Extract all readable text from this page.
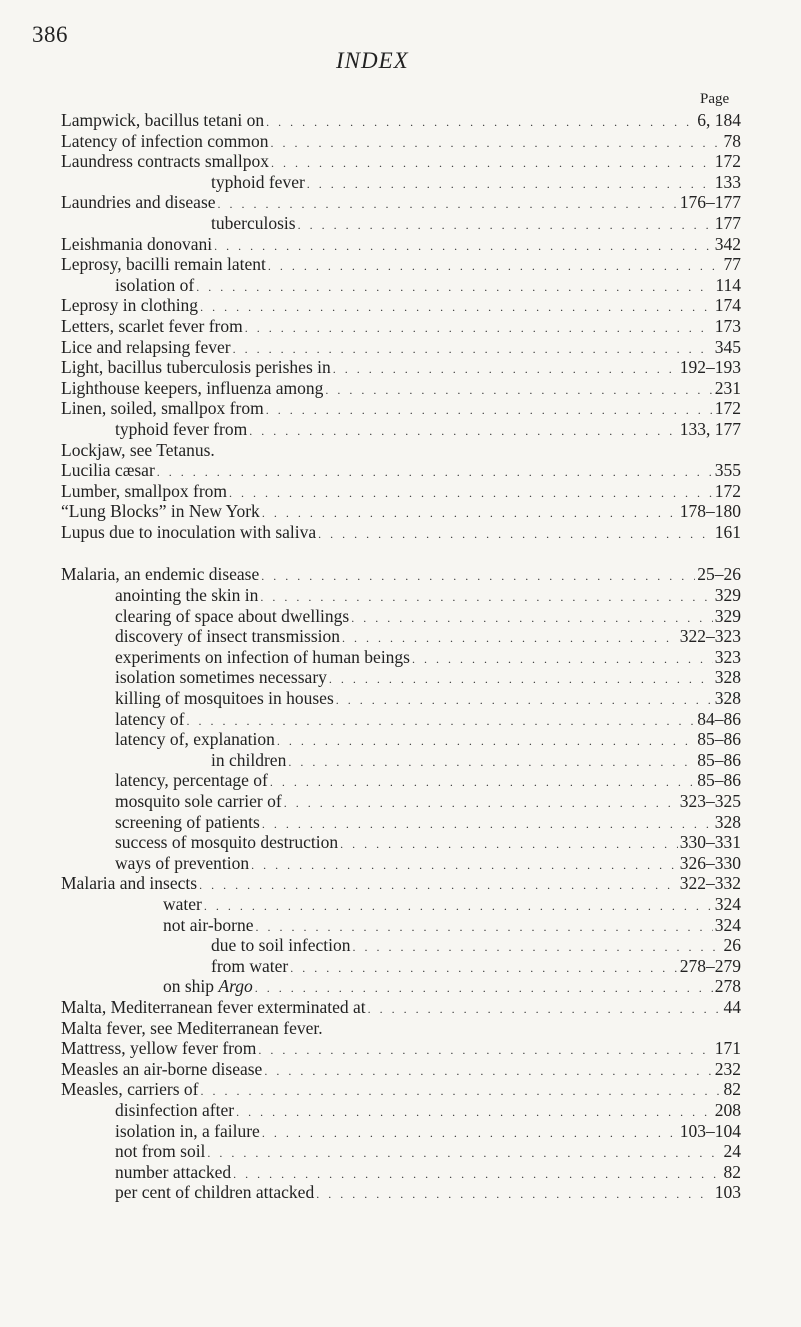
386
INDEX
Page
Lampwick, bacillus tetani on . . .	6, 184
Latency of infection common . . .	78
Laundress contracts smallpox . . .	172
typhoid fever . . .	133
Laundries and disease . . .	176–177
tuberculosis . . .	177
Leishmania donovani . . .	342
Leprosy, bacilli remain latent . . .	77
isolation of . . .	114
Leprosy in clothing . . .	174
Letters, scarlet fever from . . .	173
Lice and relapsing fever . . .	345
Light, bacillus tuberculosis perishes in . . .	192–193
Lighthouse keepers, influenza among . . .	231
Linen, soiled, smallpox from . . .	172
typhoid fever from . . .	133, 177
Lockjaw, see Tetanus.
Lucilia cæsar . . .	355
Lumber, smallpox from . . .	172
“Lung Blocks” in New York . . .	178–180
Lupus due to inoculation with saliva . . .	161
Malaria, an endemic disease . . .	25–26
anointing the skin in . . .	329
clearing of space about dwellings . . .	329
discovery of insect transmission . . .	322–323
experiments on infection of human beings . . .	323
isolation sometimes necessary . . .	328
killing of mosquitoes in houses . . .	328
latency of . . .	84–86
latency of, explanation . . .	85–86
in children . . .	85–86
latency, percentage of . . .	85–86
mosquito sole carrier of . . .	323–325
screening of patients . . .	328
success of mosquito destruction . . .	330–331
ways of prevention . . .	326–330
Malaria and insects . . .	322–332
water . . .	324
not air-borne . . .	324
due to soil infection . . .	26
from water . . .	278–279
on ship Argo . . .	278
Malta, Mediterranean fever exterminated at . . .	44
Malta fever, see Mediterranean fever.
Mattress, yellow fever from . . .	171
Measles an air-borne disease . . .	232
Measles, carriers of . . .	82
disinfection after . . .	208
isolation in, a failure . . .	103–104
not from soil . . .	24
number attacked . . .	82
per cent of children attacked . . .	103
